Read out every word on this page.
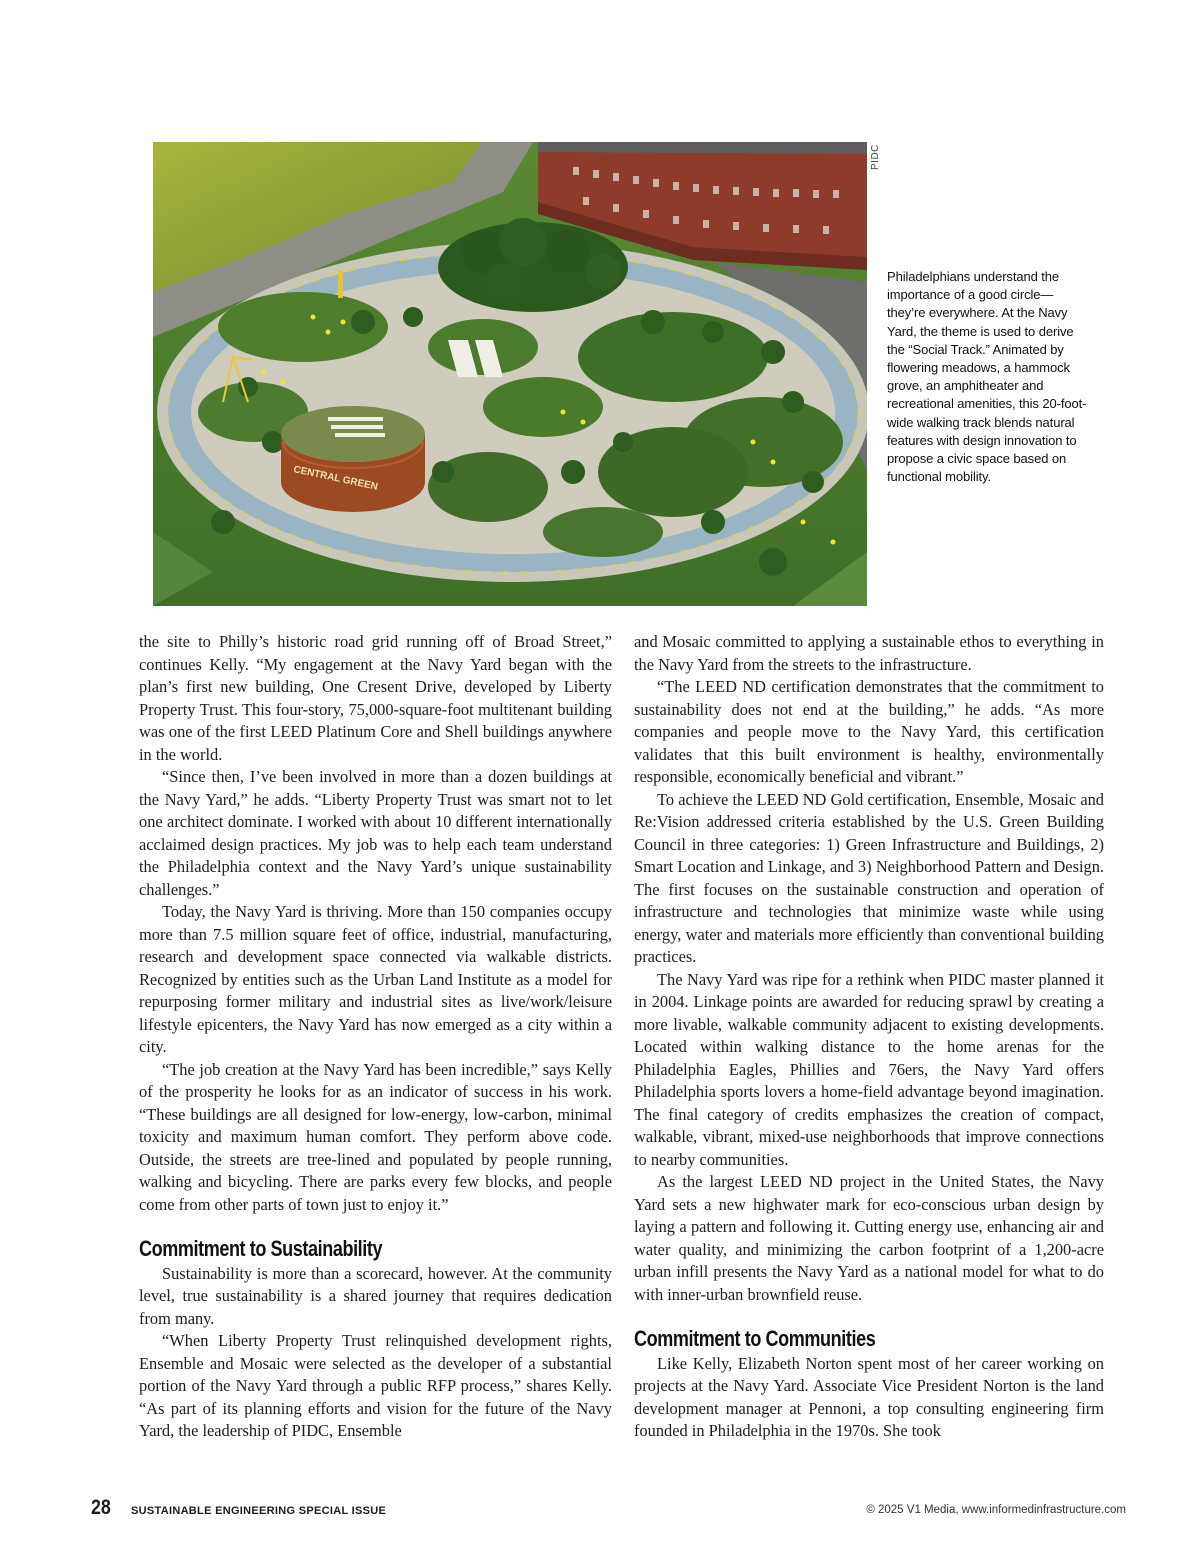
CENTRAL GREEN
PIDC
Philadelphians understand the importance of a good circle—they’re everywhere. At the Navy Yard, the theme is used to derive the “Social Track.” Animated by flowering meadows, a hammock grove, an amphitheater and recreational amenities, this 20-foot-wide walking track blends natural features with design innovation to propose a civic space based on functional mobility.

the site to Philly’s historic road grid running off of Broad Street,” continues Kelly. “My engagement at the Navy Yard began with the plan’s first new building, One Cresent Drive, developed by Liberty Property Trust. This four-story, 75,000-square-foot multitenant building was one of the first LEED Platinum Core and Shell buildings anywhere in the world.

“Since then, I’ve been involved in more than a dozen buildings at the Navy Yard,” he adds. “Liberty Property Trust was smart not to let one architect dominate. I worked with about 10 different internationally acclaimed design practices. My job was to help each team understand the Philadelphia context and the Navy Yard’s unique sustainability challenges.”

Today, the Navy Yard is thriving. More than 150 companies occupy more than 7.5 million square feet of office, industrial, manufacturing, research and development space connected via walkable districts. Recognized by entities such as the Urban Land Institute as a model for repurposing former military and industrial sites as live/work/leisure lifestyle epicenters, the Navy Yard has now emerged as a city within a city.

“The job creation at the Navy Yard has been incredible,” says Kelly of the prosperity he looks for as an indicator of success in his work. “These buildings are all designed for low-energy, low-carbon, minimal toxicity and maximum human comfort. They perform above code. Outside, the streets are tree-lined and populated by people running, walking and bicycling. There are parks every few blocks, and people come from other parts of town just to enjoy it.”

Commitment to Sustainability

Sustainability is more than a scorecard, however. At the community level, true sustainability is a shared journey that requires dedication from many.

“When Liberty Property Trust relinquished development rights, Ensemble and Mosaic were selected as the developer of a substantial portion of the Navy Yard through a public RFP process,” shares Kelly. “As part of its planning efforts and vision for the future of the Navy Yard, the leadership of PIDC, Ensemble

and Mosaic committed to applying a sustainable ethos to everything in the Navy Yard from the streets to the infrastructure.

“The LEED ND certification demonstrates that the commitment to sustainability does not end at the building,” he adds. “As more companies and people move to the Navy Yard, this certification validates that this built environment is healthy, environmentally responsible, economically beneficial and vibrant.”

To achieve the LEED ND Gold certification, Ensemble, Mosaic and Re:Vision addressed criteria established by the U.S. Green Building Council in three categories: 1) Green Infrastructure and Buildings, 2) Smart Location and Linkage, and 3) Neighborhood Pattern and Design. The first focuses on the sustainable construction and operation of infrastructure and technologies that minimize waste while using energy, water and materials more efficiently than conventional building practices.

The Navy Yard was ripe for a rethink when PIDC master planned it in 2004. Linkage points are awarded for reducing sprawl by creating a more livable, walkable community adjacent to existing developments. Located within walking distance to the home arenas for the Philadelphia Eagles, Phillies and 76ers, the Navy Yard offers Philadelphia sports lovers a home-field advantage beyond imagination. The final category of credits emphasizes the creation of compact, walkable, vibrant, mixed-use neighborhoods that improve connections to nearby communities.

As the largest LEED ND project in the United States, the Navy Yard sets a new highwater mark for eco-conscious urban design by laying a pattern and following it. Cutting energy use, enhancing air and water quality, and minimizing the carbon footprint of a 1,200-acre urban infill presents the Navy Yard as a national model for what to do with inner-urban brownfield reuse.

Commitment to Communities

Like Kelly, Elizabeth Norton spent most of her career working on projects at the Navy Yard. Associate Vice President Norton is the land development manager at Pennoni, a top consulting engineering firm founded in Philadelphia in the 1970s. She took

28	SUSTAINABLE ENGINEERING SPECIAL ISSUE	© 2025 V1 Media, www.informedinfrastructure.com
